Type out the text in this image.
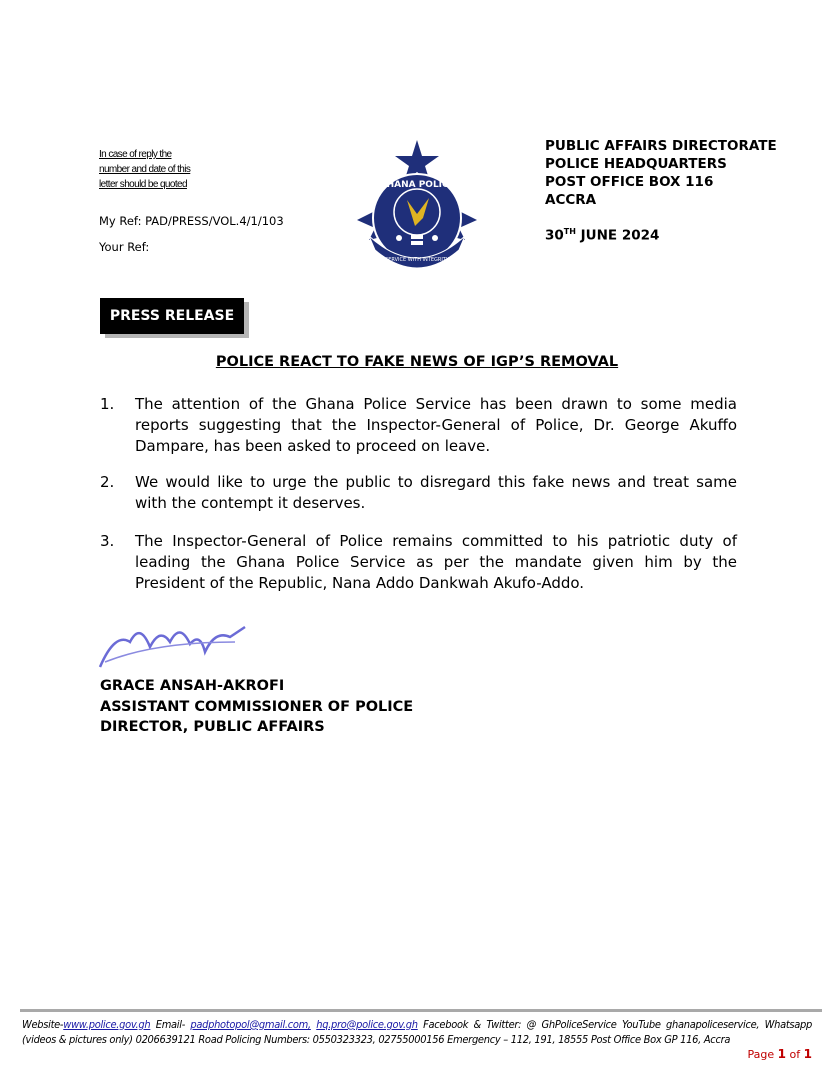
In case of reply the
number and date of this
letter should be quoted
My Ref: PAD/PRESS/VOL.4/1/103
Your Ref:
GHANA POLICE
SERVICE WITH INTEGRITY
PUBLIC AFFAIRS DIRECTORATE
POLICE HEADQUARTERS
POST OFFICE BOX 116
ACCRA
30TH JUNE 2024
PRESS RELEASE
POLICE REACT TO FAKE NEWS OF IGP’S REMOVAL
1.	The attention of the Ghana Police Service has been drawn to some media reports suggesting that the Inspector-General of Police, Dr. George Akuffo Dampare, has been asked to proceed on leave.
2.	We would like to urge the public to disregard this fake news and treat same with the contempt it deserves.
3.	The Inspector-General of Police remains committed to his patriotic duty of leading the Ghana Police Service as per the mandate given him by the President of the Republic, Nana Addo Dankwah Akufo-Addo.
GRACE ANSAH-AKROFI
ASSISTANT COMMISSIONER OF POLICE
DIRECTOR, PUBLIC AFFAIRS
Website-www.police.gov.gh Email- padphotopol@gmail.com, hq.pro@police.gov.gh Facebook & Twitter: @ GhPoliceService YouTube ghanapoliceservice, Whatsapp (videos & pictures only) 0206639121 Road Policing Numbers: 0550323323, 02755000156 Emergency – 112, 191, 18555 Post Office Box GP 116, Accra
Page 1 of 1
